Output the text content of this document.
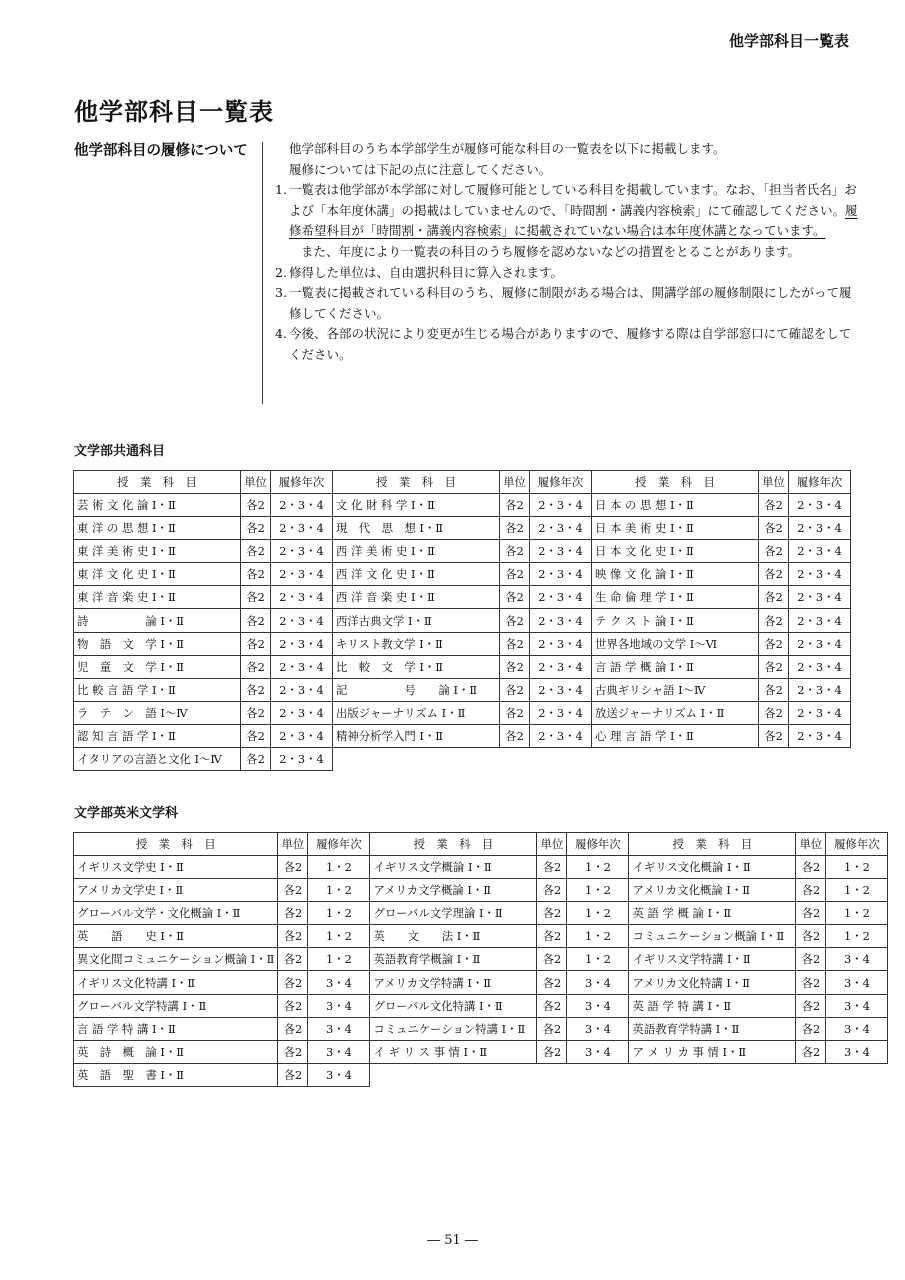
他学部科目一覧表
他学部科目一覧表
他学部科目の履修について	他学部科目のうち本学部学生が履修可能な科目の一覧表を以下に掲載します。

履修については下記の点に注意してください。

1. 一覧表は他学部が本学部に対して履修可能としている科目を掲載しています。なお、「担当者氏名」および「本年度休講」の掲載はしていませんので、「時間割・講義内容検索」にて確認してください。履修希望科目が「時間割・講義内容検索」に掲載されていない場合は本年度休講となっています。

また、年度により一覧表の科目のうち履修を認めないなどの措置をとることがあります。

2. 修得した単位は、自由選択科目に算入されます。
3. 一覧表に掲載されている科目のうち、履修に制限がある場合は、開講学部の履修制限にしたがって履修してください。
4. 今後、各部の状況により変更が生じる場合がありますので、履修する際は自学部窓口にて確認をしてください。
文学部共通科目
授　業　科　目	単位	履修年次	授　業　科　目	単位	履修年次	授　業　科　目	単位	履修年次
芸 術 文 化 論 Ⅰ・Ⅱ	各2	2・3・4	文 化 財 科 学 Ⅰ・Ⅱ	各2	2・3・4	日 本 の 思 想 Ⅰ・Ⅱ	各2	2・3・4
東 洋 の 思 想 Ⅰ・Ⅱ	各2	2・3・4	現　代　思　想 Ⅰ・Ⅱ	各2	2・3・4	日 本 美 術 史 Ⅰ・Ⅱ	各2	2・3・4
東 洋 美 術 史 Ⅰ・Ⅱ	各2	2・3・4	西 洋 美 術 史 Ⅰ・Ⅱ	各2	2・3・4	日 本 文 化 史 Ⅰ・Ⅱ	各2	2・3・4
東 洋 文 化 史 Ⅰ・Ⅱ	各2	2・3・4	西 洋 文 化 史 Ⅰ・Ⅱ	各2	2・3・4	映 像 文 化 論 Ⅰ・Ⅱ	各2	2・3・4
東 洋 音 楽 史 Ⅰ・Ⅱ	各2	2・3・4	西 洋 音 楽 史 Ⅰ・Ⅱ	各2	2・3・4	生 命 倫 理 学 Ⅰ・Ⅱ	各2	2・3・4
詩　　　　　論 Ⅰ・Ⅱ	各2	2・3・4	西洋古典文学 Ⅰ・Ⅱ	各2	2・3・4	テ ク ス ト 論 Ⅰ・Ⅱ	各2	2・3・4
物　語　文　学 Ⅰ・Ⅱ	各2	2・3・4	キリスト教文学 Ⅰ・Ⅱ	各2	2・3・4	世界各地域の文学 Ⅰ～Ⅵ	各2	2・3・4
児　童　文　学 Ⅰ・Ⅱ	各2	2・3・4	比　較　文　学 Ⅰ・Ⅱ	各2	2・3・4	言 語 学 概 論 Ⅰ・Ⅱ	各2	2・3・4
比 較 言 語 学 Ⅰ・Ⅱ	各2	2・3・4	記　　　　　号　　論 Ⅰ・Ⅱ	各2	2・3・4	古典ギリシャ語 Ⅰ～Ⅳ	各2	2・3・4
ラ　テ　ン　語 Ⅰ～Ⅳ	各2	2・3・4	出版ジャーナリズム Ⅰ・Ⅱ	各2	2・3・4	放送ジャーナリズム Ⅰ・Ⅱ	各2	2・3・4
認 知 言 語 学 Ⅰ・Ⅱ	各2	2・3・4	精神分析学入門 Ⅰ・Ⅱ	各2	2・3・4	心 理 言 語 学 Ⅰ・Ⅱ	各2	2・3・4
イタリアの言語と文化 Ⅰ～Ⅳ	各2	2・3・4						
文学部英米文学科
授　業　科　目	単位	履修年次	授　業　科　目	単位	履修年次	授　業　科　目	単位	履修年次
イギリス文学史 Ⅰ・Ⅱ	各2	1・2	イギリス文学概論 Ⅰ・Ⅱ	各2	1・2	イギリス文化概論 Ⅰ・Ⅱ	各2	1・2
アメリカ文学史 Ⅰ・Ⅱ	各2	1・2	アメリカ文学概論 Ⅰ・Ⅱ	各2	1・2	アメリカ文化概論 Ⅰ・Ⅱ	各2	1・2
グローバル文学・文化概論 Ⅰ・Ⅱ	各2	1・2	グローバル文学理論 Ⅰ・Ⅱ	各2	1・2	英 語 学 概 論 Ⅰ・Ⅱ	各2	1・2
英　　語　　史 Ⅰ・Ⅱ	各2	1・2	英　　文　　法 Ⅰ・Ⅱ	各2	1・2	コミュニケーション概論 Ⅰ・Ⅱ	各2	1・2
異文化間コミュニケーション概論 Ⅰ・Ⅱ	各2	1・2	英語教育学概論 Ⅰ・Ⅱ	各2	1・2	イギリス文学特講 Ⅰ・Ⅱ	各2	3・4
イギリス文化特講 Ⅰ・Ⅱ	各2	3・4	アメリカ文学特講 Ⅰ・Ⅱ	各2	3・4	アメリカ文化特講 Ⅰ・Ⅱ	各2	3・4
グローバル文学特講 Ⅰ・Ⅱ	各2	3・4	グローバル文化特講 Ⅰ・Ⅱ	各2	3・4	英 語 学 特 講 Ⅰ・Ⅱ	各2	3・4
言 語 学 特 講 Ⅰ・Ⅱ	各2	3・4	コミュニケーション特講 Ⅰ・Ⅱ	各2	3・4	英語教育学特講 Ⅰ・Ⅱ	各2	3・4
英　詩　概　論 Ⅰ・Ⅱ	各2	3・4	イ ギ リ ス 事 情 Ⅰ・Ⅱ	各2	3・4	ア メ リ カ 事 情 Ⅰ・Ⅱ	各2	3・4
英　語　聖　書 Ⅰ・Ⅱ	各2	3・4						
― 51 ―
